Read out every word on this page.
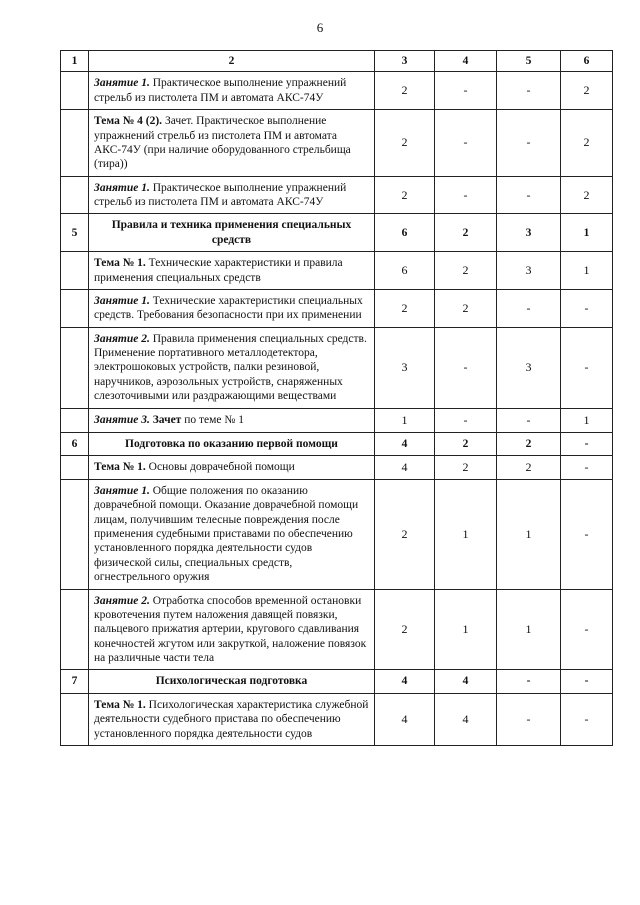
6
1	2	3	4	5	6
	Занятие 1. Практическое выполнение упражнений стрельб из пистолета ПМ и автомата АКС-74У	2	-	-	2
	Тема № 4 (2). Зачет. Практическое выполнение упражнений стрельб из пистолета ПМ и автомата АКС-74У (при наличие оборудованного стрельбища (тира))	2	-	-	2
	Занятие 1. Практическое выполнение упражнений стрельб из пистолета ПМ и автомата АКС-74У	2	-	-	2
5	Правила и техника применения специальных средств	6	2	3	1
	Тема № 1. Технические характеристики и правила применения специальных средств	6	2	3	1
	Занятие 1. Технические характеристики специальных средств. Требования безопасности при их применении	2	2	-	-
	Занятие 2. Правила применения специальных средств. Применение портативного металлодетектора, электрошоковых устройств, палки резиновой, наручников, аэрозольных устройств, снаряженных слезоточивыми или раздражающими веществами	3	-	3	-
	Занятие 3. Зачет по теме № 1	1	-	-	1
6	Подготовка по оказанию первой помощи	4	2	2	-
	Тема № 1. Основы доврачебной помощи	4	2	2	-
	Занятие 1. Общие положения по оказанию доврачебной помощи. Оказание доврачебной помощи лицам, получившим телесные повреждения после применения судебными приставами по обеспечению установленного порядка деятельности судов физической силы, специальных средств, огнестрельного оружия	2	1	1	-
	Занятие 2. Отработка способов временной остановки кровотечения путем наложения давящей повязки, пальцевого прижатия артерии, кругового сдавливания конечностей жгутом или закруткой, наложение повязок на различные части тела	2	1	1	-
7	Психологическая подготовка	4	4	-	-
	Тема № 1. Психологическая характеристика служебной деятельности судебного пристава по обеспечению установленного порядка деятельности судов	4	4	-	-
